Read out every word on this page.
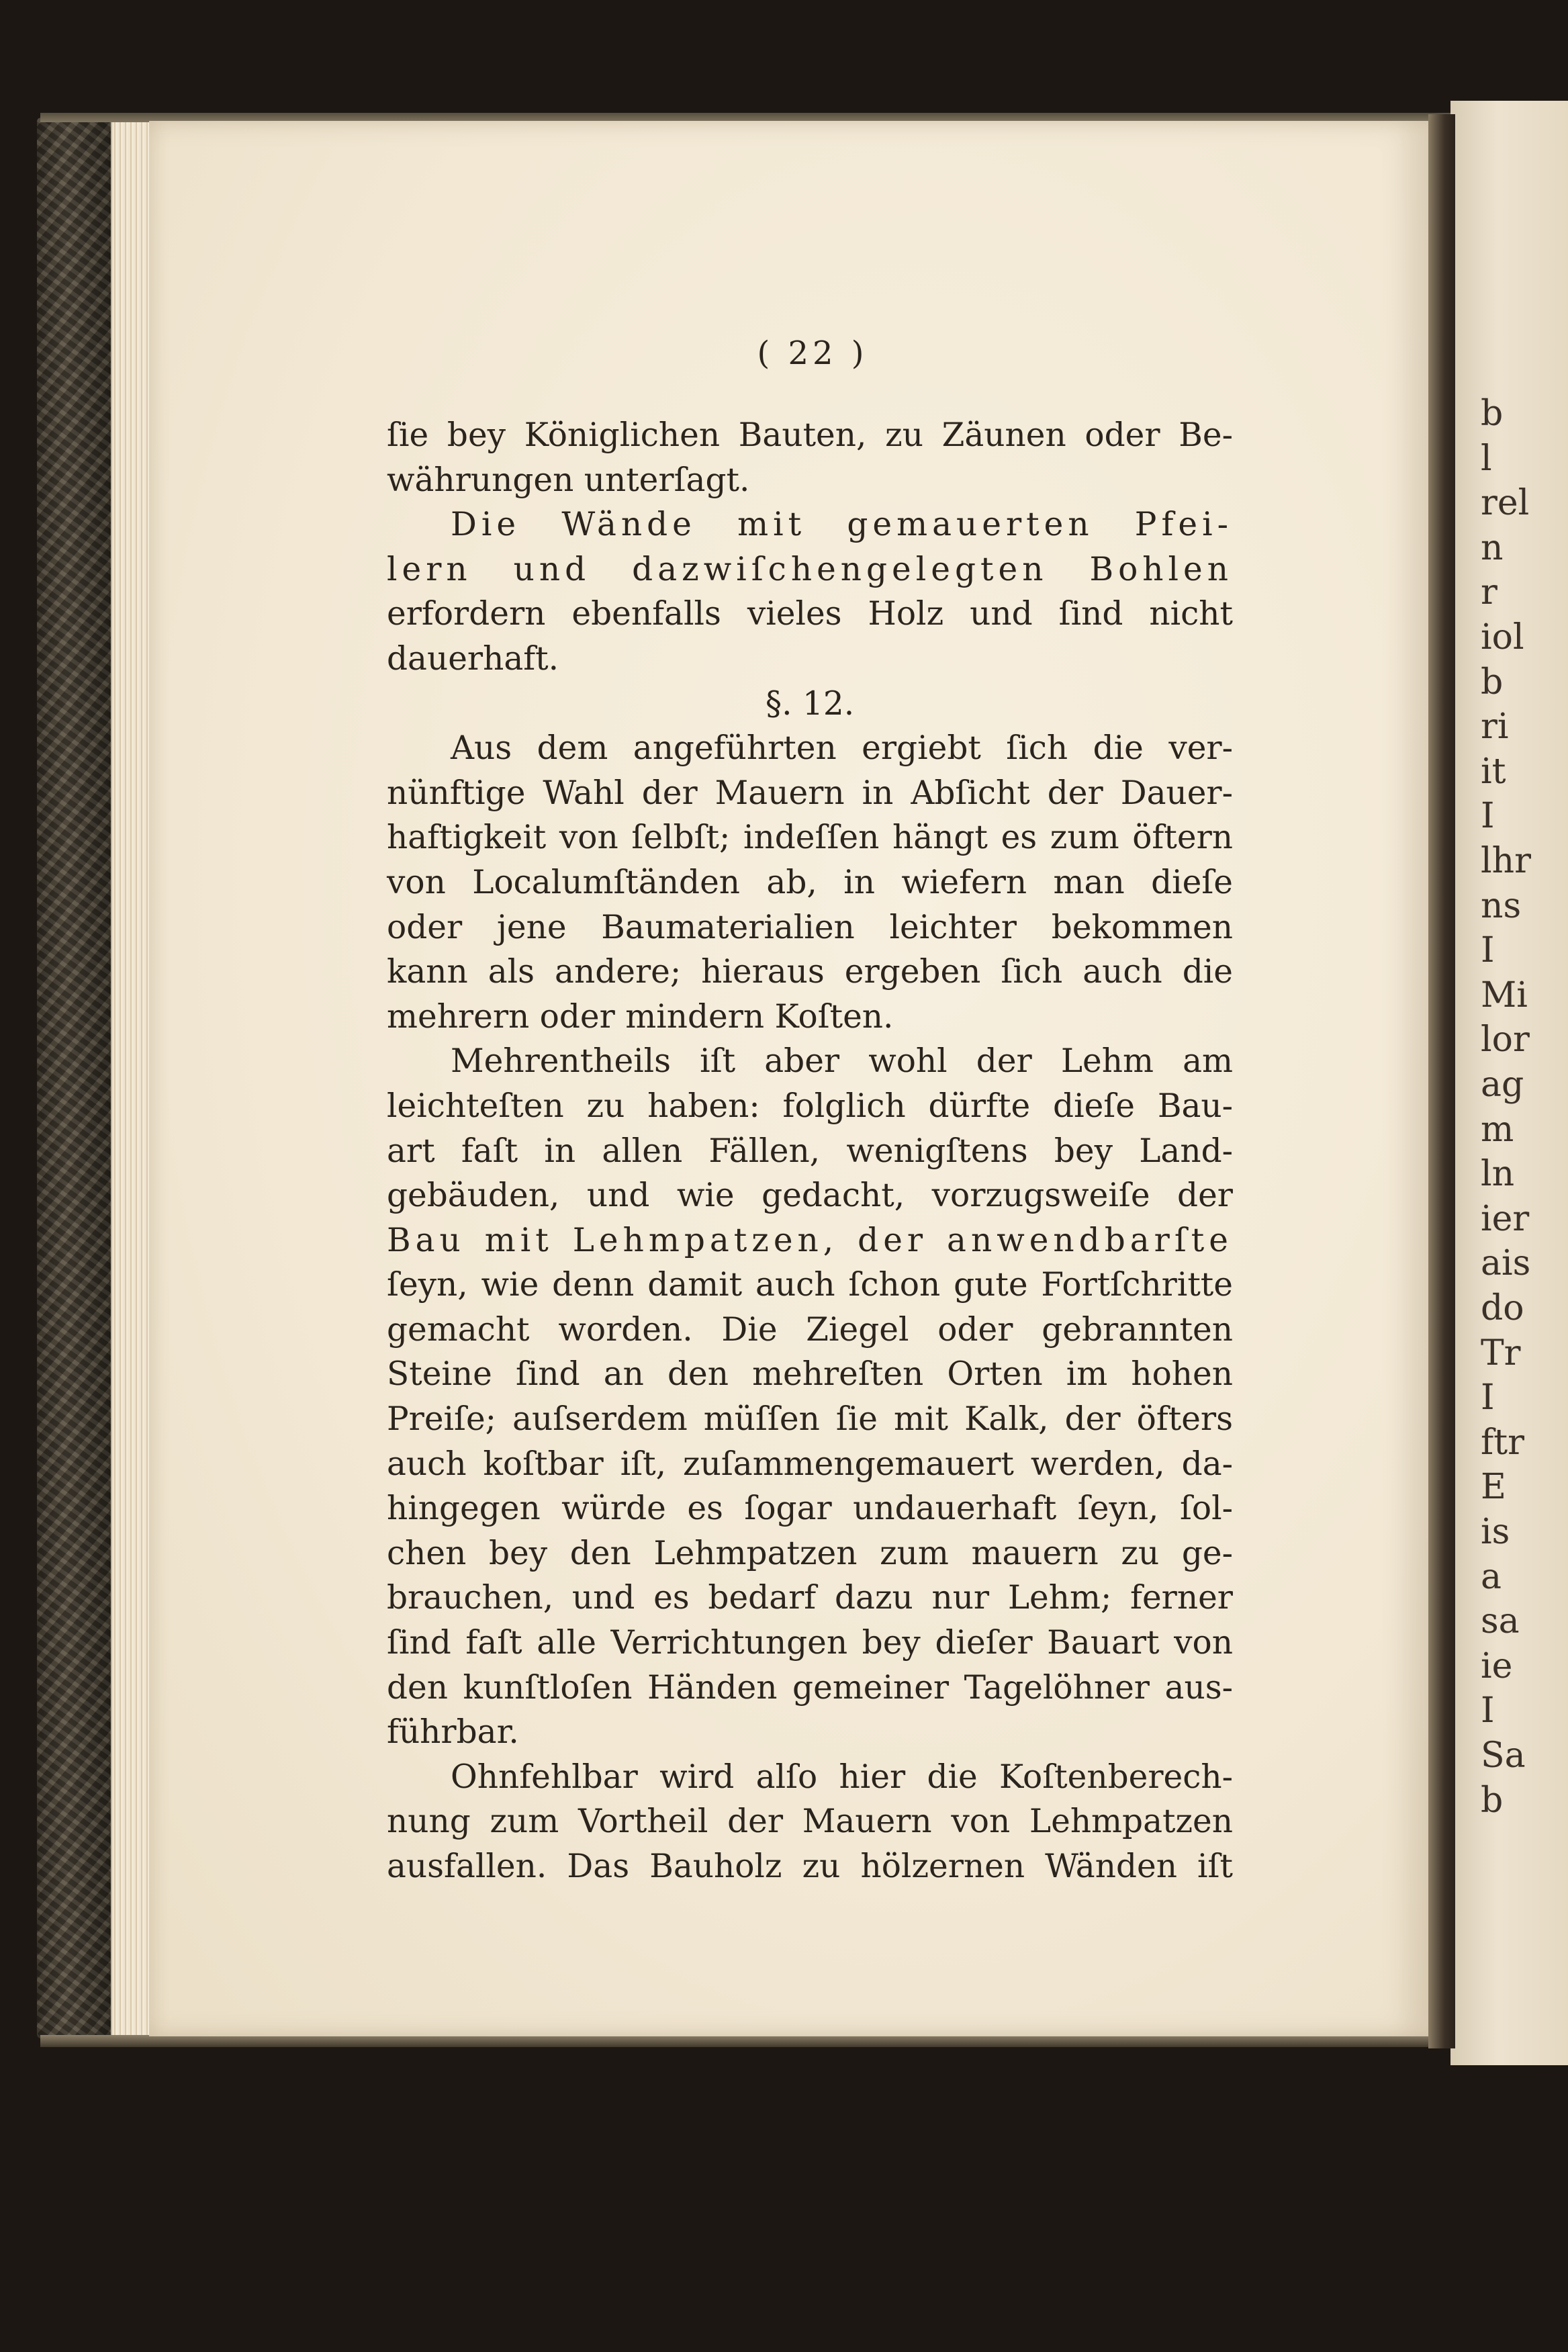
( 22 )
ſie bey Königlichen Bauten, zu Zäunen oder Be-
währungen unterſagt.
Die Wände mit gemauerten Pfei-
lern und dazwiſchengelegten Bohlen
erfordern ebenfalls vieles Holz und ſind nicht
dauerhaft.
§. 12.
Aus dem angeführten ergiebt ſich die ver-
nünftige Wahl der Mauern in Abſicht der Dauer-
haftigkeit von ſelbſt; indeſſen hängt es zum öftern
von Localumſtänden ab, in wiefern man dieſe
oder jene Baumaterialien leichter bekommen
kann als andere; hieraus ergeben ſich auch die
mehrern oder mindern Koſten.
Mehrentheils iſt aber wohl der Lehm am
leichteſten zu haben: folglich dürfte dieſe Bau-
art faſt in allen Fällen, wenigſtens bey Land-
gebäuden, und wie gedacht, vorzugsweiſe der
Bau mit Lehmpatzen, der anwendbarſte
ſeyn, wie denn damit auch ſchon gute Fortſchritte
gemacht worden. Die Ziegel oder gebrannten
Steine ſind an den mehreſten Orten im hohen
Preiſe; auſserdem müſſen ſie mit Kalk, der öfters
auch koſtbar iſt, zuſammengemauert werden, da-
hingegen würde es ſogar undauerhaft ſeyn, ſol-
chen bey den Lehmpatzen zum mauern zu ge-
brauchen, und es bedarf dazu nur Lehm; ferner
ſind faſt alle Verrichtungen bey dieſer Bauart von
den kunſtloſen Händen gemeiner Tagelöhner aus-
führbar.
Ohnfehlbar wird alſo hier die Koſtenberech-
nung zum Vortheil der Mauern von Lehmpatzen
ausfallen. Das Bauholz zu hölzernen Wänden iſt
b
l
rel
n
r
iol
b
ri
it
I
lhr
ns
I
Mi
lor
ag
m
ln
ier
ais
do
Tr
I
ftr
E
is
a
sa
ie
I
Sa
b
